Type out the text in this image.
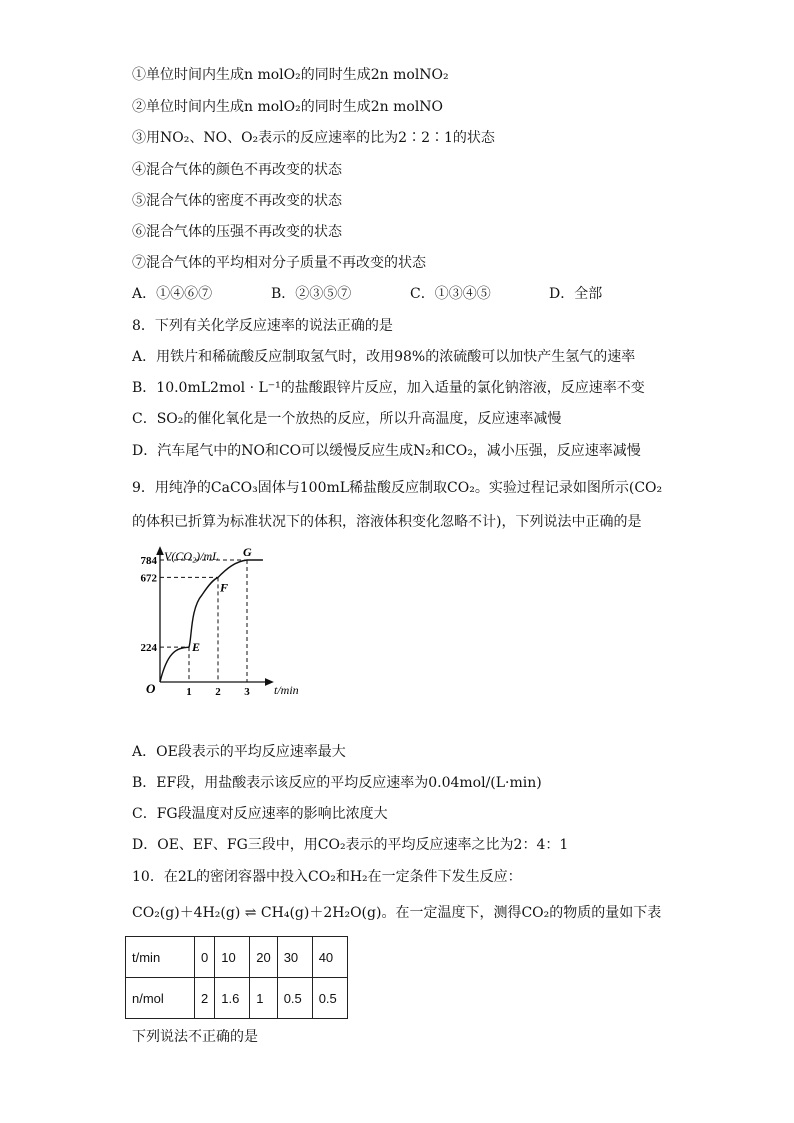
①单位时间内生成n molO₂的同时生成2n molNO₂
②单位时间内生成n molO₂的同时生成2n molNO
③用NO₂、NO、O₂表示的反应速率的比为2∶2∶1的状态
④混合气体的颜色不再改变的状态
⑤混合气体的密度不再改变的状态
⑥混合气体的压强不再改变的状态
⑦混合气体的平均相对分子质量不再改变的状态
A．①④⑥⑦	B．②③⑤⑦	C．①③④⑤	D．全部
8．下列有关化学反应速率的说法正确的是
A．用铁片和稀硫酸反应制取氢气时，改用98%的浓硫酸可以加快产生氢气的速率
B．10.0mL2mol · L⁻¹的盐酸跟锌片反应，加入适量的氯化钠溶液，反应速率不变
C．SO₂的催化氧化是一个放热的反应，所以升高温度，反应速率减慢
D．汽车尾气中的NO和CO可以缓慢反应生成N₂和CO₂，减小压强，反应速率减慢
9．用纯净的CaCO₃固体与100mL稀盐酸反应制取CO₂。实验过程记录如图所示(CO₂
的体积已折算为标准状况下的体积，溶液体积变化忽略不计)，下列说法中正确的是
V(CO₂)/mL
t/min
O
E
F
G
224
672
784
1 2 3
A．OE段表示的平均反应速率最大
B．EF段，用盐酸表示该反应的平均反应速率为0.04mol/(L·min)
C．FG段温度对反应速率的影响比浓度大
D．OE、EF、FG三段中，用CO₂表示的平均反应速率之比为2：4：1
10．在2L的密闭容器中投入CO₂和H₂在一定条件下发生反应：
CO₂(g)＋4H₂(g) ⇌ CH₄(g)＋2H₂O(g)。在一定温度下，测得CO₂的物质的量如下表
t/min	0	10	20	30	40
n/mol	2	1.6	1	0.5	0.5
下列说法不正确的是
